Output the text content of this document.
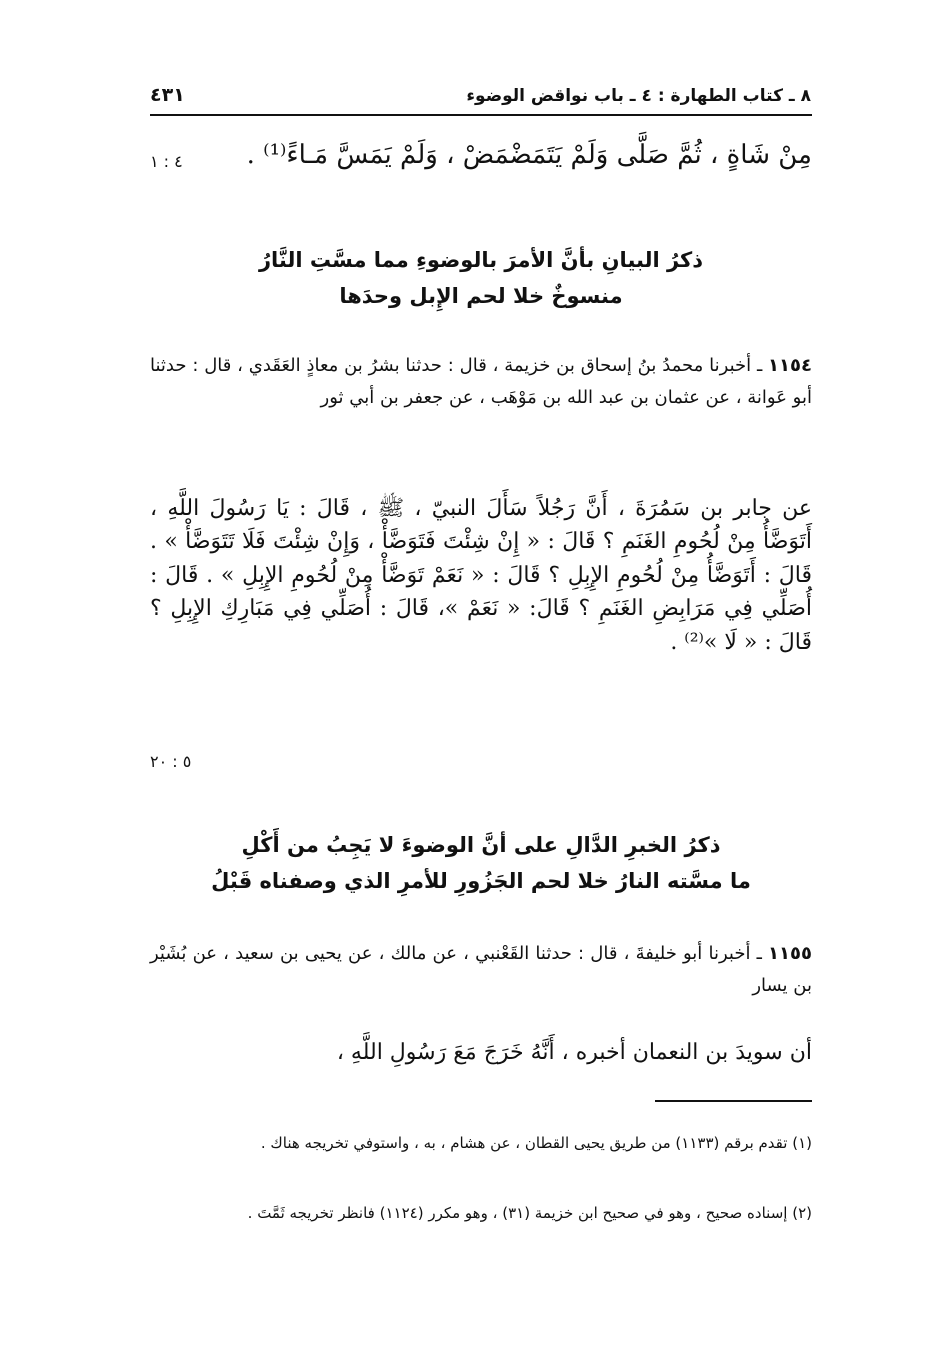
٨ ـ كتاب الطهارة : ٤ ـ باب نواقض الوضوء
٤٣١
مِنْ شَاةٍ ، ثُمَّ صَلَّى وَلَمْ يَتَمَضْمَضْ ، وَلَمْ يَمَسَّ مَـاءً⁽¹⁾ .
٤ : ١
ذكرُ البيانِ بأنَّ الأمرَ بالوضوءِ مما مسَّتِ النَّارُ
منسوخٌ خلا لحم الإِبل وحدَها
١١٥٤ ـ أخبرنا محمدُ بنُ إسحاق بن خزيمة ، قال : حدثنا بشرُ بن معاذٍ العَقَدي ، قال : حدثنا أبو عَوانة ، عن عثمان بن عبد الله بن مَوْهَب ، عن جعفر بن أبي ثور
عن جابر بن سَمُرَةَ ، أَنَّ رَجُلاً سَأَلَ النبيّ ، ﷺ ، قَالَ : يَا رَسُولَ اللَّهِ ، أَتَوَضَّأُ مِنْ لُحُومِ الغَنَمِ ؟ قَالَ : « إِنْ شِئْتَ فَتَوَضَّأْ ، وَإِنْ شِئْتَ فَلَا تَتَوَضَّأْ » . قَالَ : أَتَوَضَّأُ مِنْ لُحُومِ الإِبِلِ ؟ قَالَ : « نَعَمْ تَوَضَّأْ مِنْ لُحُومِ الإِبِلِ » . قَالَ : أُصَلِّي فِي مَرَابِضِ الغَنَمِ ؟ قَالَ: « نَعَمْ »، قَالَ : أُصَلِّي فِي مَبَارِكِ الإِبِلِ ؟ قَالَ : « لَا »⁽²⁾ .
٥ : ٢٠
ذكرُ الخبرِ الدَّالِ على أنَّ الوضوءَ لا يَجِبُ من أَكْلِ
ما مسَّته النارُ خلا لحم الجَزُورِ للأمرِ الذي وصفناه قَبْلُ
١١٥٥ ـ أخبرنا أبو خليفةَ ، قال : حدثنا القَعْنبي ، عن مالك ، عن يحيى بن سعيد ، عن بُشَيْر بن يسار
أن سويدَ بن النعمان أخبره ، أَنَّهُ خَرَجَ مَعَ رَسُولِ اللَّهِ ،
(١) تقدم برقم (١١٣٣) من طريق يحيى القطان ، عن هشام ، به ، واستوفي تخريجه هناك .
(٢) إسناده صحيح ، وهو في صحيح ابن خزيمة (٣١) ، وهو مكرر (١١٢٤) فانظر تخريجه ثَمَّتَ .
